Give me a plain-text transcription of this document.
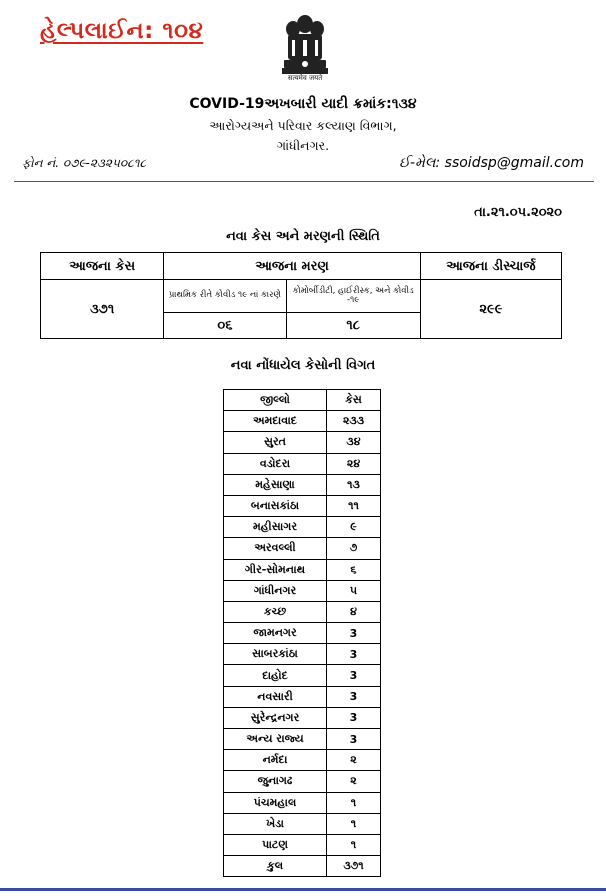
હેલ્પલાઈન: ૧૦૪
सत्यमेव जयते
COVID-19અખબારી યાદી ક્રમાંક:૧૩૪
આરોગ્યઅને પરિવાર કલ્યાણ વિભાગ,
ગાંધીનગર.
ફોન નં. ૦૭૯-૨૩૨૫૦૮૧૮	ઈ-મેલ: ssoidsp@gmail.com
તા.૨૧.૦૫.૨૦૨૦
નવા કેસ અને મરણની સ્થિતિ
આજના કેસ	આજના મરણ		આજના ડીસ્ચાર્જ
૩૭૧	પ્રાથમિક રીતે કોવીડ ૧૯ નાં કારણે	કોમોર્બીડીટી, હાઈરીસ્ક, અને કોવીડ -૧૯	૨૯૯
	૦૬	૧૮	
નવા નોંધાયેલ કેસોની વિગત
જીલ્લો	કેસ
અમદાવાદ	૨૩૩
સુરત	૩૪
વડોદરા	૨૪
મહેસાણા	૧૩
બનાસકાંઠા	૧૧
મહીસાગર	૯
અરવલ્લી	૭
ગીર-સોમનાથ	૬
ગાંધીનગર	૫
કચ્છ	૪
જામનગર	3
સાબરકાંઠા	3
દાહોદ	3
નવસારી	3
સુરેન્દ્રનગર	3
અન્ય રાજ્ય	3
નર્મદા	૨
જુનાગઢ	૨
પંચમહાલ	૧
ખેડા	૧
પાટણ	૧
કુલ	૩૭૧
